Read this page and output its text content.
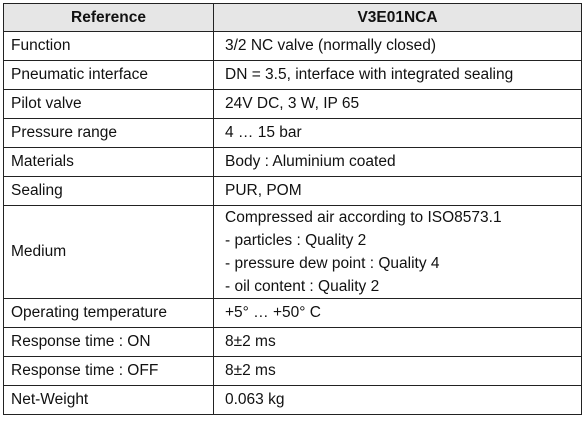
Reference	V3E01NCA
Function	3/2 NC valve (normally closed)
Pneumatic interface	DN = 3.5, interface with integrated sealing
Pilot valve	24V DC, 3 W, IP 65
Pressure range	4 … 15 bar
Materials	Body : Aluminium coated
Sealing	PUR, POM
Medium	Compressed air according to ISO8573.1
- particles : Quality 2
- pressure dew point : Quality 4
- oil content : Quality 2

Operating temperature	+5° … +50° C
Response time : ON	8±2 ms
Response time : OFF	8±2 ms
Net-Weight	0.063 kg
